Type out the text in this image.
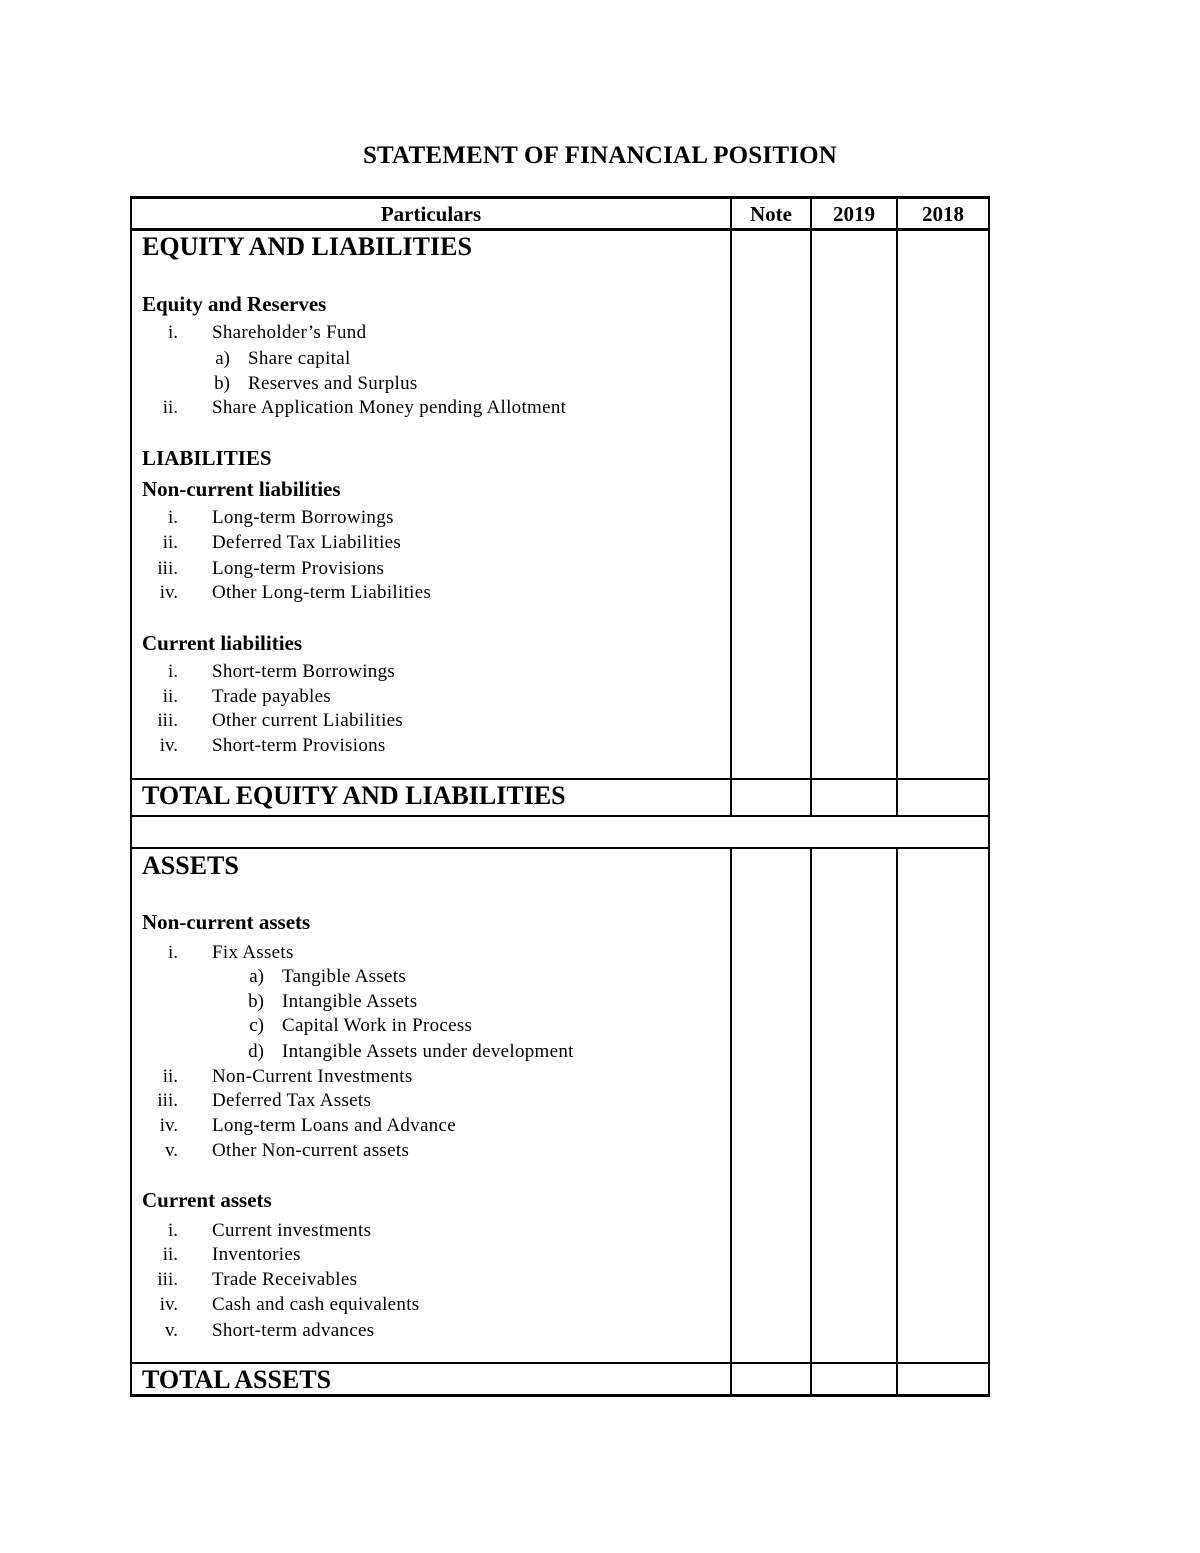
STATEMENT OF FINANCIAL POSITION
Particulars	Note	2019	2018
EQUITY AND LIABILITIES
Equity and Reserves
i. Shareholder’s Fund
a) Share capital
b) Reserves and Surplus
ii. Share Application Money pending Allotment
LIABILITIES
Non-current liabilities
i. Long-term Borrowings
ii. Deferred Tax Liabilities
iii. Long-term Provisions
iv. Other Long-term Liabilities
Current liabilities
i. Short-term Borrowings
ii. Trade payables
iii. Other current Liabilities
iv. Short-term Provisions
TOTAL EQUITY AND LIABILITIES
ASSETS
Non-current assets
i. Fix Assets
a) Tangible Assets
b) Intangible Assets
c) Capital Work in Process
d) Intangible Assets under development
ii. Non-Current Investments
iii. Deferred Tax Assets
iv. Long-term Loans and Advance
v. Other Non-current assets
Current assets
i. Current investments
ii. Inventories
iii. Trade Receivables
iv. Cash and cash equivalents
v. Short-term advances
TOTAL ASSETS
